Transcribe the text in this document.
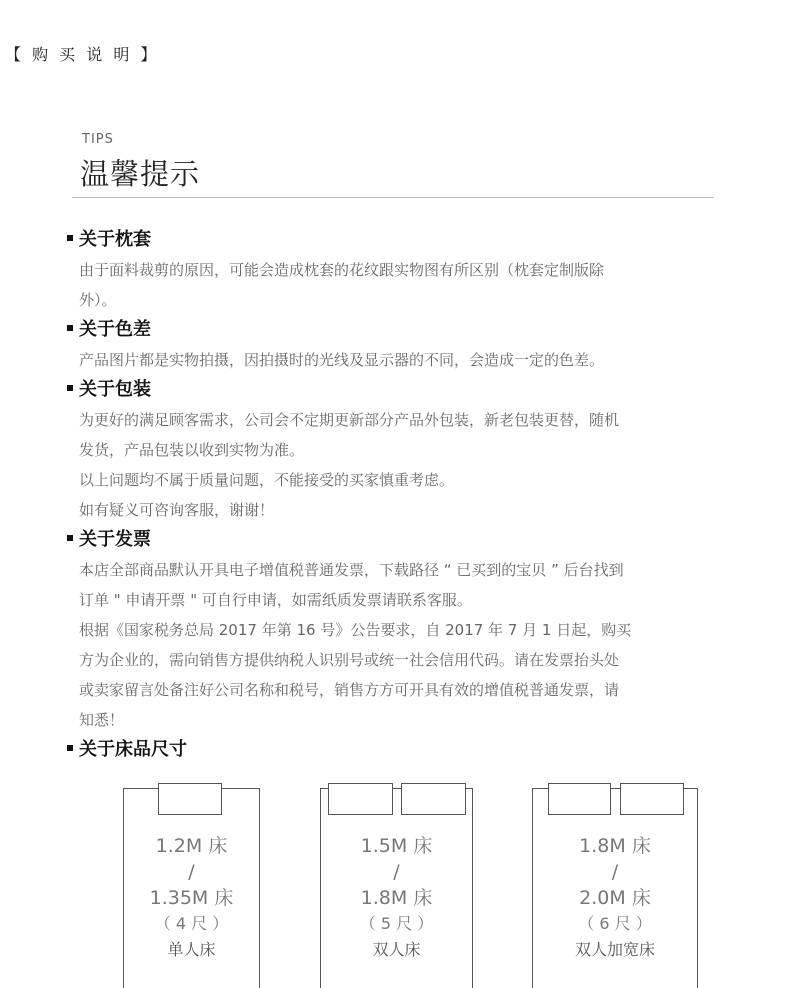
【 购 买 说 明 】
TIPS
温馨提示
关于枕套
由于面料裁剪的原因，可能会造成枕套的花纹跟实物图有所区别（枕套定制版除
外）。
关于色差
产品图片都是实物拍摄，因拍摄时的光线及显示器的不同，会造成一定的色差。
关于包装
为更好的满足顾客需求，公司会不定期更新部分产品外包装，新老包装更替，随机
发货，产品包装以收到实物为准。
以上问题均不属于质量问题，不能接受的买家慎重考虑。
如有疑义可咨询客服，谢谢！
关于发票
本店全部商品默认开具电子增值税普通发票，下载路径 “ 已买到的宝贝 ” 后台找到
订单 " 申请开票 " 可自行申请，如需纸质发票请联系客服。
根据《国家税务总局 2017 年第 16 号》公告要求，自 2017 年 7 月 1 日起，购买
方为企业的，需向销售方提供纳税人识别号或统一社会信用代码。请在发票抬头处
或卖家留言处备注好公司名称和税号，销售方方可开具有效的增值税普通发票，请
知悉！
关于床品尺寸
1.2M 床
/
1.35M 床
（ 4 尺 ）
单人床
1.5M 床
/
1.8M 床
（ 5 尺 ）
双人床
1.8M 床
/
2.0M 床
（ 6 尺 ）
双人加宽床
